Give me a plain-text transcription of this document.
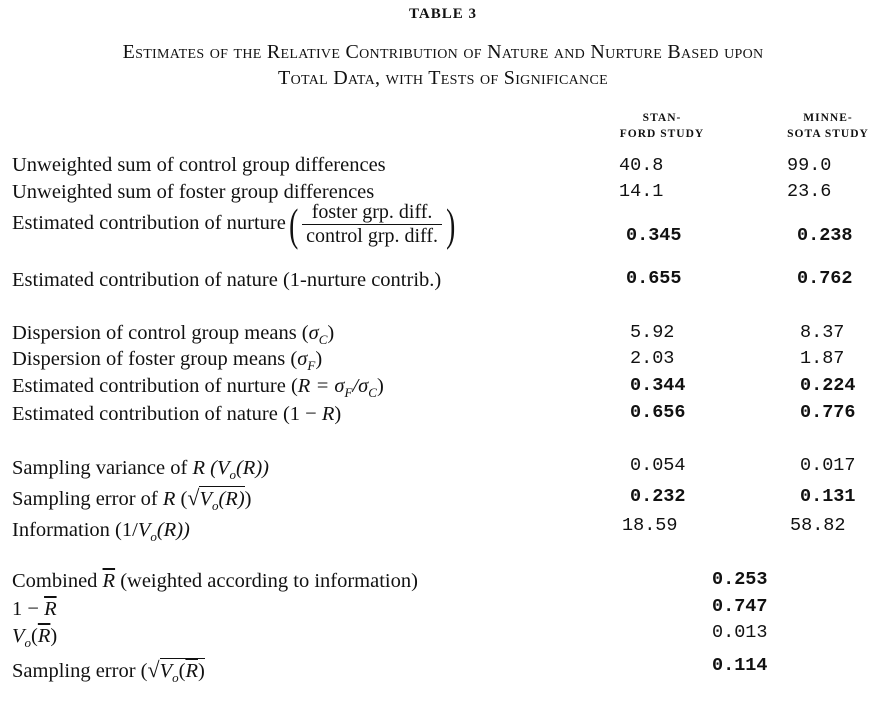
TABLE 3
Estimates of the Relative Contribution of Nature and Nurture Based upon
Total Data, with Tests of Significance
STAN-
FORD STUDY
MINNE-
SOTA STUDY
Unweighted sum of control group differences	40.8	99.0
Unweighted sum of foster group differences	14.1	23.6
Estimated contribution of nurture( $\frac{\text{foster grp. diff.}}{\text{control grp. diff.}}$ )	0.345	0.238
Estimated contribution of nature (1-nurture contrib.)	0.655	0.762
Dispersion of control group means $(\sigma_C)$	5.92	8.37
Dispersion of foster group means $(\sigma_F)$	2.03	1.87
Estimated contribution of nurture $(R = \sigma_F/\sigma_C)$	0.344	0.224
Estimated contribution of nature (1 − R)	0.656	0.776
Sampling variance of R $(V_o(R))$	0.054	0.017
Sampling error of R $(√V_o(R))$	0.232	0.131
Information $(1/V_o(R))$	18.59	58.82
Combined $\overline{R}$ (weighted according to information)	0.253
$1 - \overline{R}$	0.747
$V_o(\overline{R})$	0.013
Sampling error ($√V_o(\overline{R})$	0.114
